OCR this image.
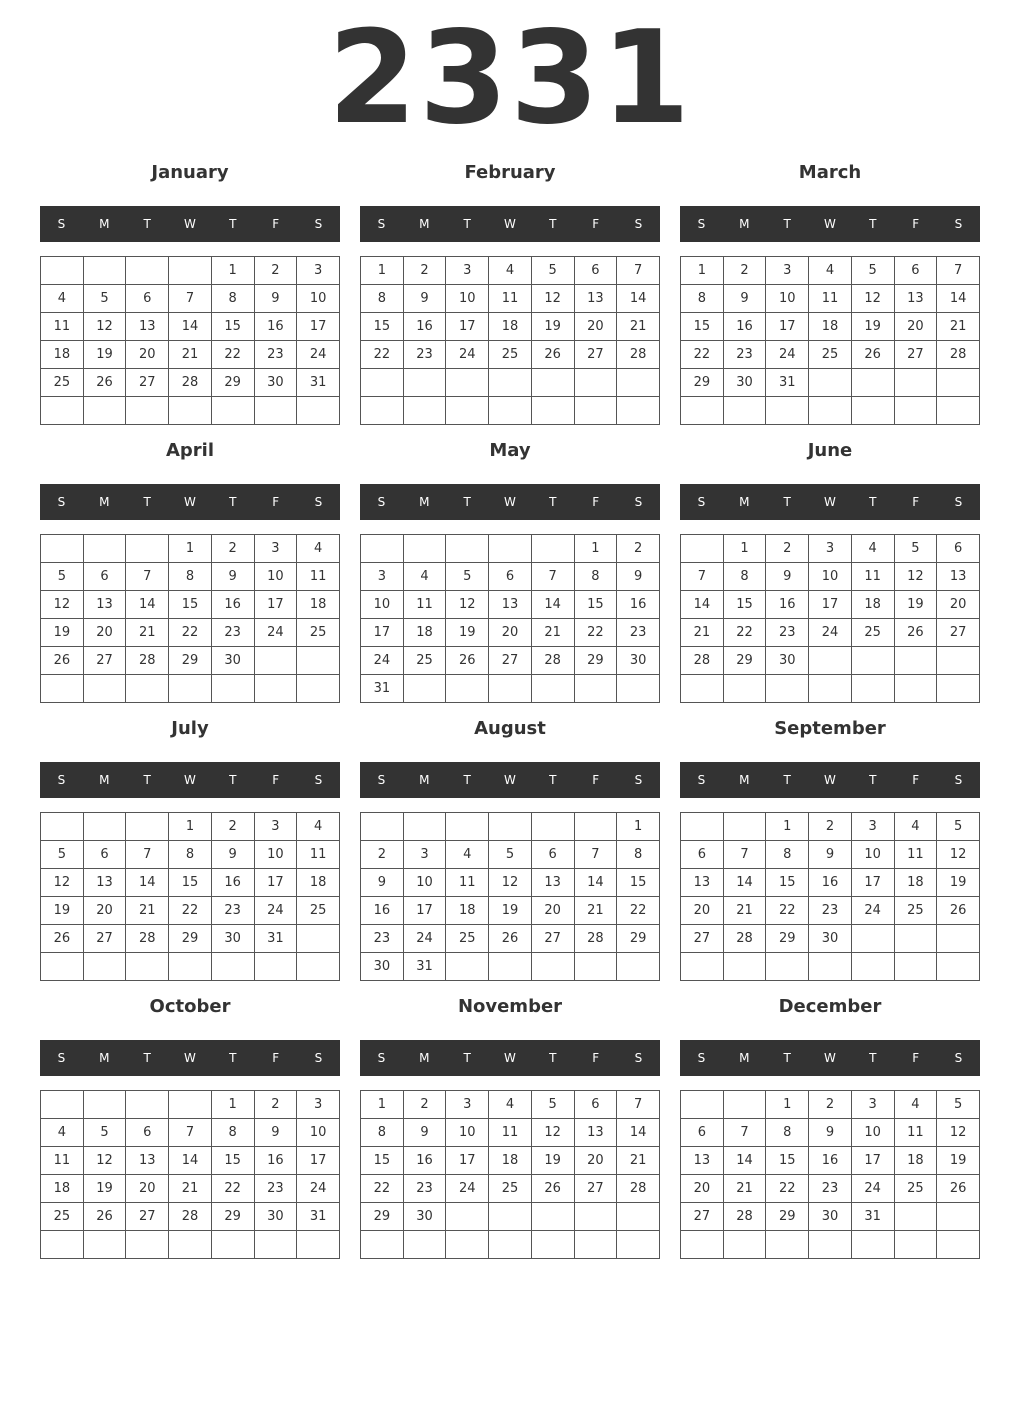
2331
January
S	M	T	W	T	F	S
				1	2	3
4	5	6	7	8	9	10
11	12	13	14	15	16	17
18	19	20	21	22	23	24
25	26	27	28	29	30	31

February
S	M	T	W	T	F	S
1	2	3	4	5	6	7
8	9	10	11	12	13	14
15	16	17	18	19	20	21
22	23	24	25	26	27	28

March
S	M	T	W	T	F	S
1	2	3	4	5	6	7
8	9	10	11	12	13	14
15	16	17	18	19	20	21
22	23	24	25	26	27	28
29	30	31				

April
S	M	T	W	T	F	S
			1	2	3	4
5	6	7	8	9	10	11
12	13	14	15	16	17	18
19	20	21	22	23	24	25
26	27	28	29	30		

May
S	M	T	W	T	F	S
					1	2
3	4	5	6	7	8	9
10	11	12	13	14	15	16
17	18	19	20	21	22	23
24	25	26	27	28	29	30
31						
June
S	M	T	W	T	F	S
	1	2	3	4	5	6
7	8	9	10	11	12	13
14	15	16	17	18	19	20
21	22	23	24	25	26	27
28	29	30				

July
S	M	T	W	T	F	S
			1	2	3	4
5	6	7	8	9	10	11
12	13	14	15	16	17	18
19	20	21	22	23	24	25
26	27	28	29	30	31	

August
S	M	T	W	T	F	S
						1
2	3	4	5	6	7	8
9	10	11	12	13	14	15
16	17	18	19	20	21	22
23	24	25	26	27	28	29
30	31					
September
S	M	T	W	T	F	S
		1	2	3	4	5
6	7	8	9	10	11	12
13	14	15	16	17	18	19
20	21	22	23	24	25	26
27	28	29	30			

October
S	M	T	W	T	F	S
				1	2	3
4	5	6	7	8	9	10
11	12	13	14	15	16	17
18	19	20	21	22	23	24
25	26	27	28	29	30	31

November
S	M	T	W	T	F	S
1	2	3	4	5	6	7
8	9	10	11	12	13	14
15	16	17	18	19	20	21
22	23	24	25	26	27	28
29	30					

December
S	M	T	W	T	F	S
		1	2	3	4	5
6	7	8	9	10	11	12
13	14	15	16	17	18	19
20	21	22	23	24	25	26
27	28	29	30	31		
